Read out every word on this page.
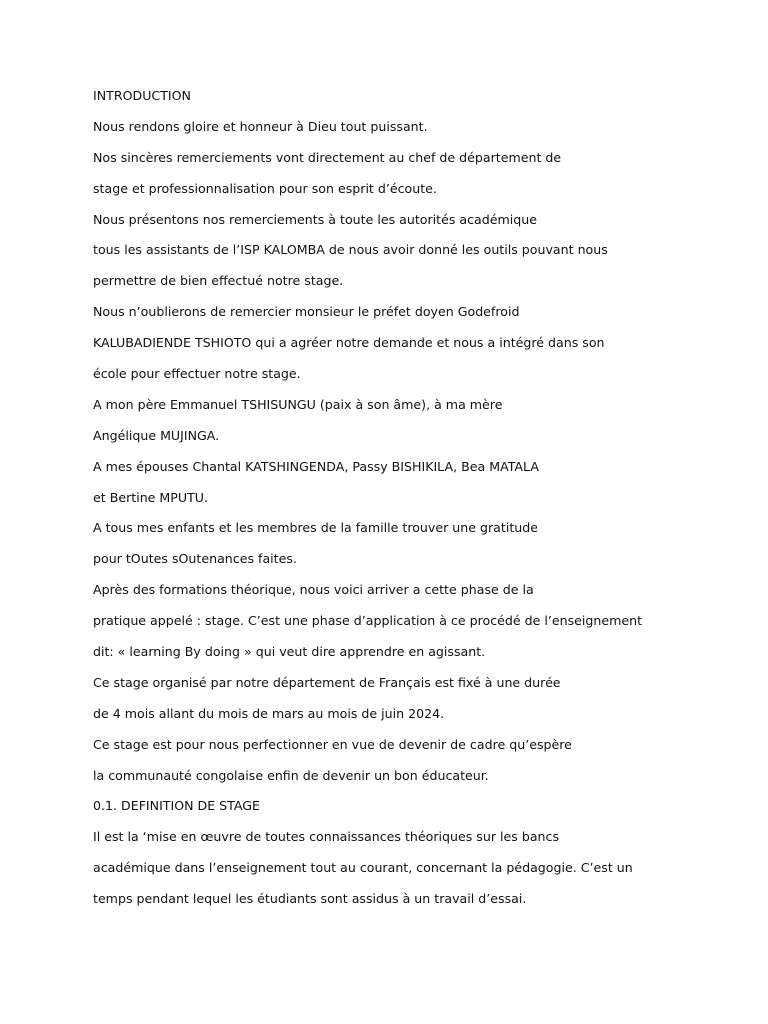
INTRODUCTION
Nous rendons gloire et honneur à Dieu tout puissant.
Nos sincères remerciements vont directement au chef de département de
stage et professionnalisation pour son esprit d’écoute.
Nous présentons nos remerciements à toute les autorités académique
tous les assistants de l’ISP KALOMBA de nous avoir donné les outils pouvant nous
permettre de bien effectué notre stage.
Nous n’oublierons de remercier monsieur le préfet doyen Godefroid
KALUBADIENDE TSHIOTO qui a agréer notre demande et nous a intégré dans son
école pour effectuer notre stage.
A mon père Emmanuel TSHISUNGU (paix à son âme), à ma mère
Angélique MUJINGA.
A mes épouses Chantal KATSHINGENDA, Passy BISHIKILA, Bea MATALA
et Bertine MPUTU.
A tous mes enfants et les membres de la famille trouver une gratitude
pour tOutes sOutenances faites.
Après des formations théorique, nous voici arriver a cette phase de la
pratique appelé : stage. C’est une phase d’application à ce procédé de l’enseignement
dit: « learning By doing » qui veut dire apprendre en agissant.
Ce stage organisé par notre département de Français est fixé à une durée
de 4 mois allant du mois de mars au mois de juin 2024.
Ce stage est pour nous perfectionner en vue de devenir de cadre qu’espère
la communauté congolaise enfin de devenir un bon éducateur.
0.1. DEFINITION DE STAGE
Il est la ‘mise en œuvre de toutes connaissances théoriques sur les bancs
académique dans l’enseignement tout au courant, concernant la pédagogie. C’est un
temps pendant lequel les étudiants sont assidus à un travail d’essai.
